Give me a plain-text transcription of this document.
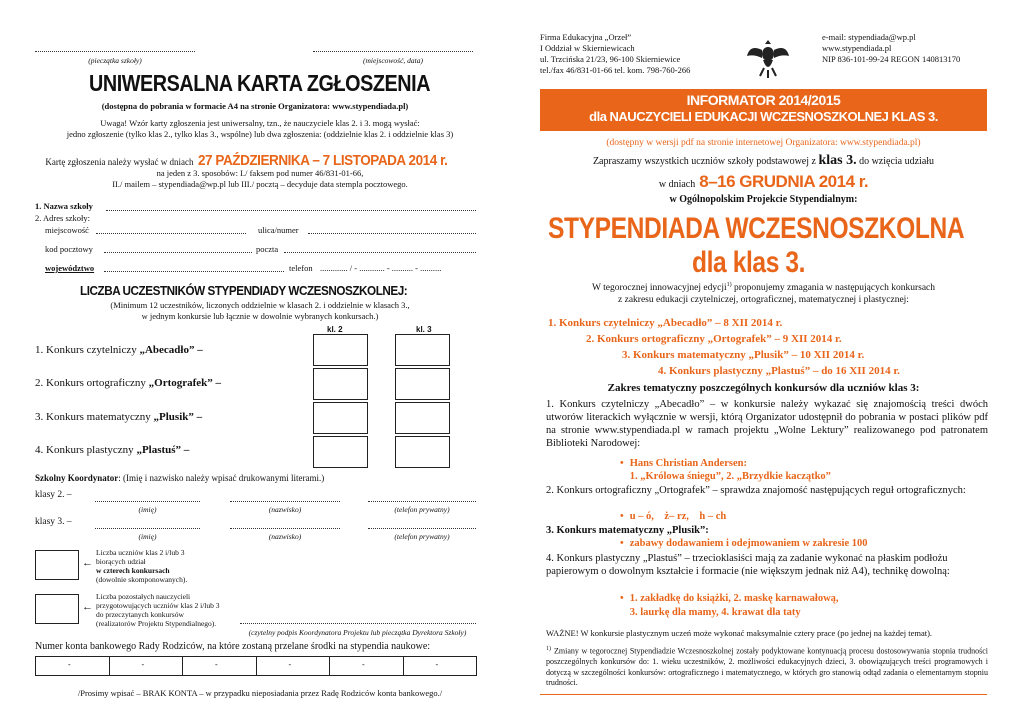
(pieczątka szkoły)	(miejscowość, data)
UNIWERSALNA KARTA ZGŁOSZENIA
(dostępna do pobrania w formacie A4 na stronie Organizatora: www.stypendiada.pl)
Uwaga! Wzór karty zgłoszenia jest uniwersalny, tzn., że nauczyciele klas 2. i 3. mogą wysłać:
jedno zgłoszenie (tylko klas 2., tylko klas 3., wspólne) lub dwa zgłoszenia: (oddzielnie klas 2. i oddzielnie klas 3)
Kartę zgłoszenia należy wysłać w dniach 27 PAŹDZIERNIKA – 7 LISTOPADA 2014 r.
na jeden z 3. sposobów: I./ faksem pod numer 46/831-01-66,
II./ mailem – stypendiada@wp.pl lub III./ pocztą – decyduje data stempla pocztowego.
1. Nazwa szkoły
2. Adres szkoły:
miejscowość	ulica/numer
kod pocztowy	poczta
województwo	telefon ............. / - ............ - .......... - ..........
LICZBA UCZESTNIKÓW STYPENDIADY WCZESNOSZKOLNEJ:
(Minimum 12 uczestników, liczonych oddzielnie w klasach 2. i oddzielnie w klasach 3.,
w jednym konkursie lub łącznie w dowolnie wybranych konkursach.)
kl. 2	kl. 3
1. Konkurs czytelniczy „Abecadło” –
2. Konkurs ortograficzny „Ortografek” –
3. Konkurs matematyczny „Plusik” –
4. Konkurs plastyczny „Plastuś” –
Szkolny Koordynator: (Imię i nazwisko należy wpisać drukowanymi literami.)
klasy 2. –
(imię)	(nazwisko)	(telefon prywatny)
klasy 3. –
(imię)	(nazwisko)	(telefon prywatny)
←
Liczba uczniów klas 2 i/lub 3
biorących udział
w czterech konkursach
(dowolnie skomponowanych).
←
Liczba pozostałych nauczycieli
przygotowujących uczniów klas 2 i/lub 3
do przeczytanych konkursów
(realizatorów Projektu Stypendialnego).
(czytelny podpis Koordynatora Projektu lub pieczątka Dyrektora Szkoły)
Numer konta bankowego Rady Rodziców, na które zostaną przelane środki na stypendia naukowe:
-	-	-	-	-	-
/Prosimy wpisać – BRAK KONTA – w przypadku nieposiadania przez Radę Rodziców konta bankowego./
Firma Edukacyjna „Orzeł”
I Oddział w Skierniewicach
ul. Trzcińska 21/23, 96-100 Skierniewice
tel./fax 46/831-01-66 tel. kom. 798-760-266
e-mail: stypendiada@wp.pl
www.stypendiada.pl
NIP 836-101-99-24 REGON 140813170
INFORMATOR 2014/2015
dla NAUCZYCIELI EDUKACJI WCZESNOSZKOLNEJ KLAS 3.
(dostępny w wersji pdf na stronie internetowej Organizatora: www.stypendiada.pl)
Zapraszamy wszystkich uczniów szkoły podstawowej z klas 3. do wzięcia udziału
w dniach 8–16 GRUDNIA 2014 r.
w Ogólnopolskim Projekcie Stypendialnym:
STYPENDIADA WCZESNOSZKOLNA
dla klas 3.
W tegorocznej innowacyjnej edycji$^{1)}$ proponujemy zmagania w następujących konkursach
z zakresu edukacji czytelniczej, ortograficznej, matematycznej i plastycznej:
1. Konkurs czytelniczy „Abecadło” – 8 XII 2014 r.
2. Konkurs ortograficzny „Ortografek” – 9 XII 2014 r.
3. Konkurs matematyczny „Plusik” – 10 XII 2014 r.
4. Konkurs plastyczny „Plastuś” – do 16 XII 2014 r.
Zakres tematyczny poszczególnych konkursów dla uczniów klas 3:
1. Konkurs czytelniczy „Abecadło” – w konkursie należy wykazać się znajomością treści dwóch utworów literackich wyłącznie w wersji, którą Organizator udostępnił do pobrania w postaci plików pdf na stronie www.stypendiada.pl w ramach projektu „Wolne Lektury” realizowanego pod patronatem Biblioteki Narodowej:
• Hans Christian Andersen:
1. „Królowa śniegu”, 2. „Brzydkie kaczątko”
2. Konkurs ortograficzny „Ortografek” – sprawdza znajomość następujących reguł ortograficznych:
• u – ó,    ż– rz,    h – ch
3. Konkurs matematyczny „Plusik”:
• zabawy dodawaniem i odejmowaniem w zakresie 100
4. Konkurs plastyczny „Plastuś” – trzecioklasiści mają za zadanie wykonać na płaskim podłożu papierowym o dowolnym kształcie i formacie (nie większym jednak niż A4), technikę dowolną:
• 1. zakładkę do książki, 2. maskę karnawałową,
3. laurkę dla mamy, 4. krawat dla taty
WAŻNE! W konkursie plastycznym uczeń może wykonać maksymalnie cztery prace (po jednej na każdej temat).
$^{1)}$ Zmiany w tegorocznej Stypendiadzie Wczesnoszkolnej zostały podyktowane kontynuacją procesu dostosowywania stopnia trudności poszczególnych konkursów do: 1. wieku uczestników, 2. możliwości edukacyjnych dzieci, 3. obowiązujących treści programowych i dotyczą w szczególności konkursów: ortograficznego i matematycznego, w których gro stanowią odtąd zadania o elementarnym stopniu trudności.
